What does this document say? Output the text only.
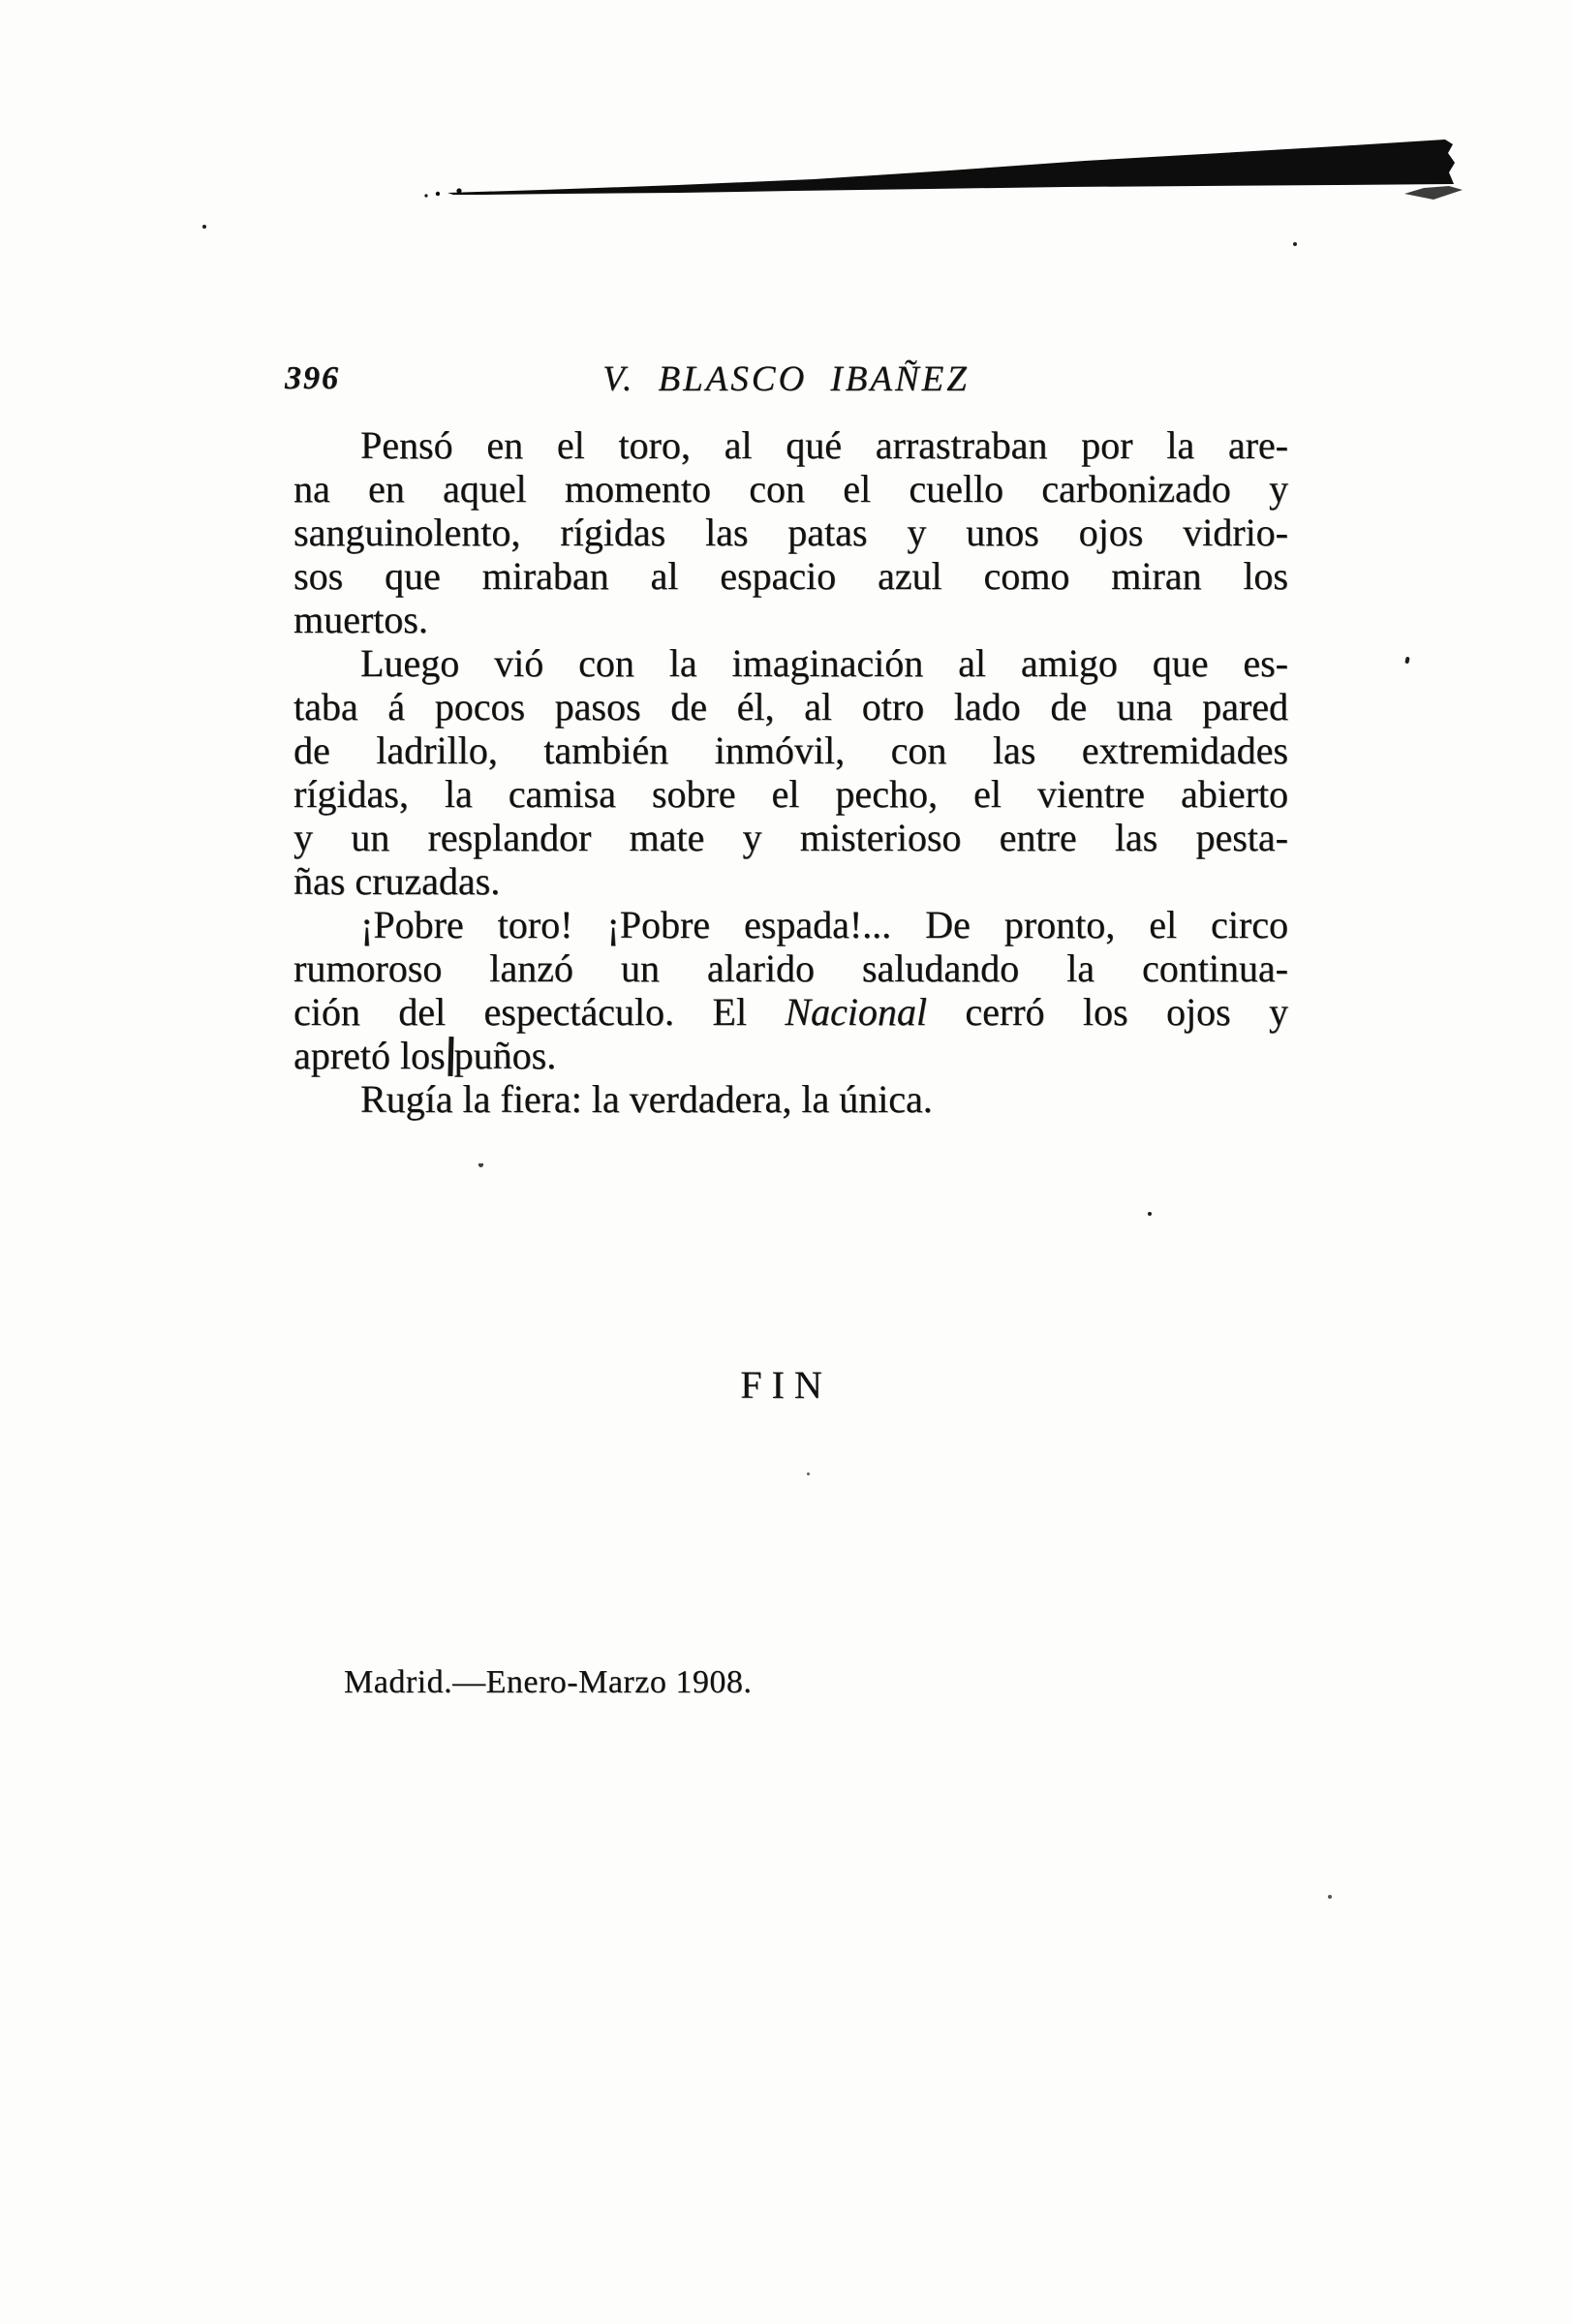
396	V. BLASCO IBAÑEZ
Pensó en el toro, al qué arrastraban por la are-
na en aquel momento con el cuello carbonizado y
sanguinolento, rígidas las patas y unos ojos vidrio-
sos que miraban al espacio azul como miran los
muertos.
Luego vió con la imaginación al amigo que es-
taba á pocos pasos de él, al otro lado de una pared
de ladrillo, también inmóvil, con las extremidades
rígidas, la camisa sobre el pecho, el vientre abierto
y un resplandor mate y misterioso entre las pesta-
ñas cruzadas.
¡Pobre toro! ¡Pobre espada!... De pronto, el circo
rumoroso lanzó un alarido saludando la continua-
ción del espectáculo. El Nacional cerró los ojos y
apretó los puños.
Rugía la fiera: la verdadera, la única.
FIN
Madrid.—Enero-Marzo 1908.
